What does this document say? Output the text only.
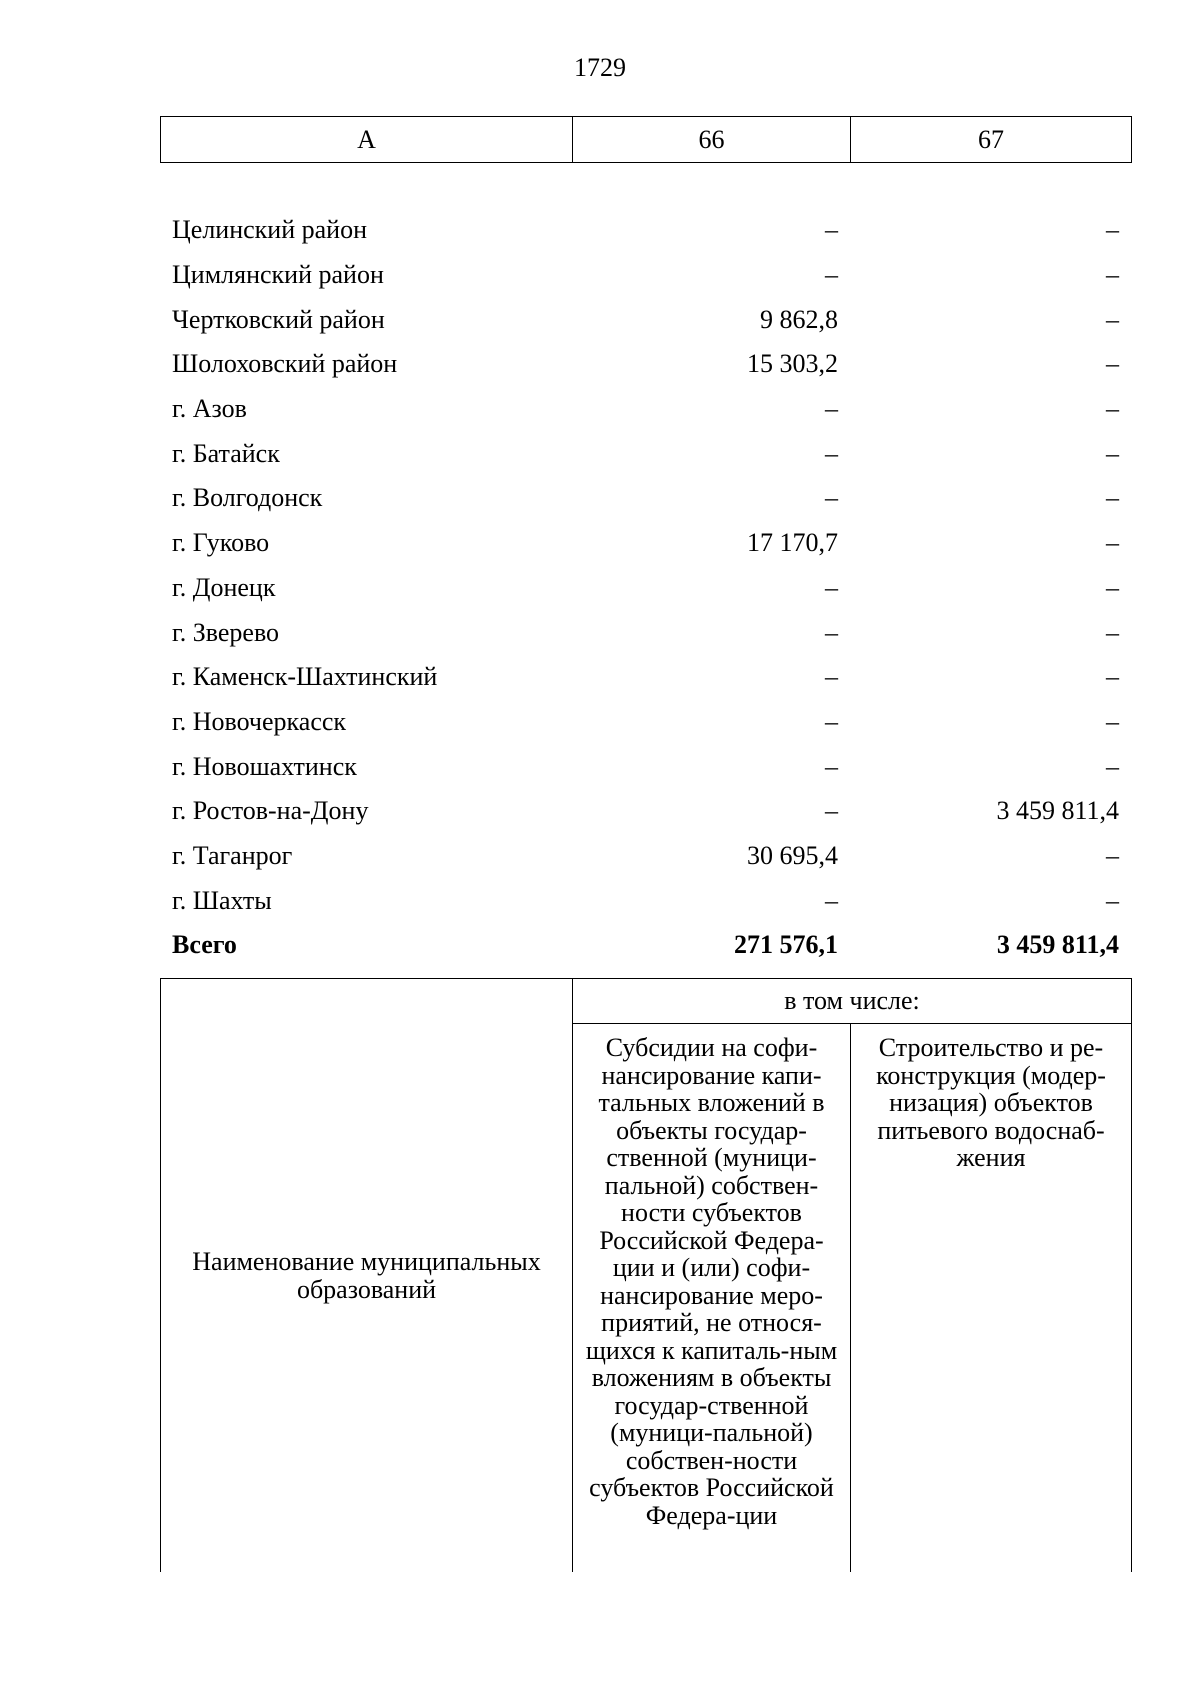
1729
А	66	67
Целинский район	–	–
Цимлянский район	–	–
Чертковский район	9 862,8	–
Шолоховский район	15 303,2	–
г. Азов	–	–
г. Батайск	–	–
г. Волгодонск	–	–
г. Гуково	17 170,7	–
г. Донецк	–	–
г. Зверево	–	–
г. Каменск-Шахтинский	–	–
г. Новочеркасск	–	–
г. Новошахтинск	–	–
г. Ростов-на-Дону	–	3 459 811,4
г. Таганрог	30 695,4	–
г. Шахты	–	–
Всего	271 576,1	3 459 811,4
Наименование муниципальных образований	в том числе:	
	Субсидии на софи-нансирование капи-тальных вложений в объекты государ-ственной (муници-пальной) собствен-ности субъектов Российской Федера-ции и (или) софи-нансирование меро-приятий, не относя-щихся к капиталь-ным вложениям в объекты государ-ственной (муници-пальной) собствен-ности субъектов Российской Федера-ции	Строительство и ре-конструкция (модер-низация) объектов питьевого водоснаб-жения
